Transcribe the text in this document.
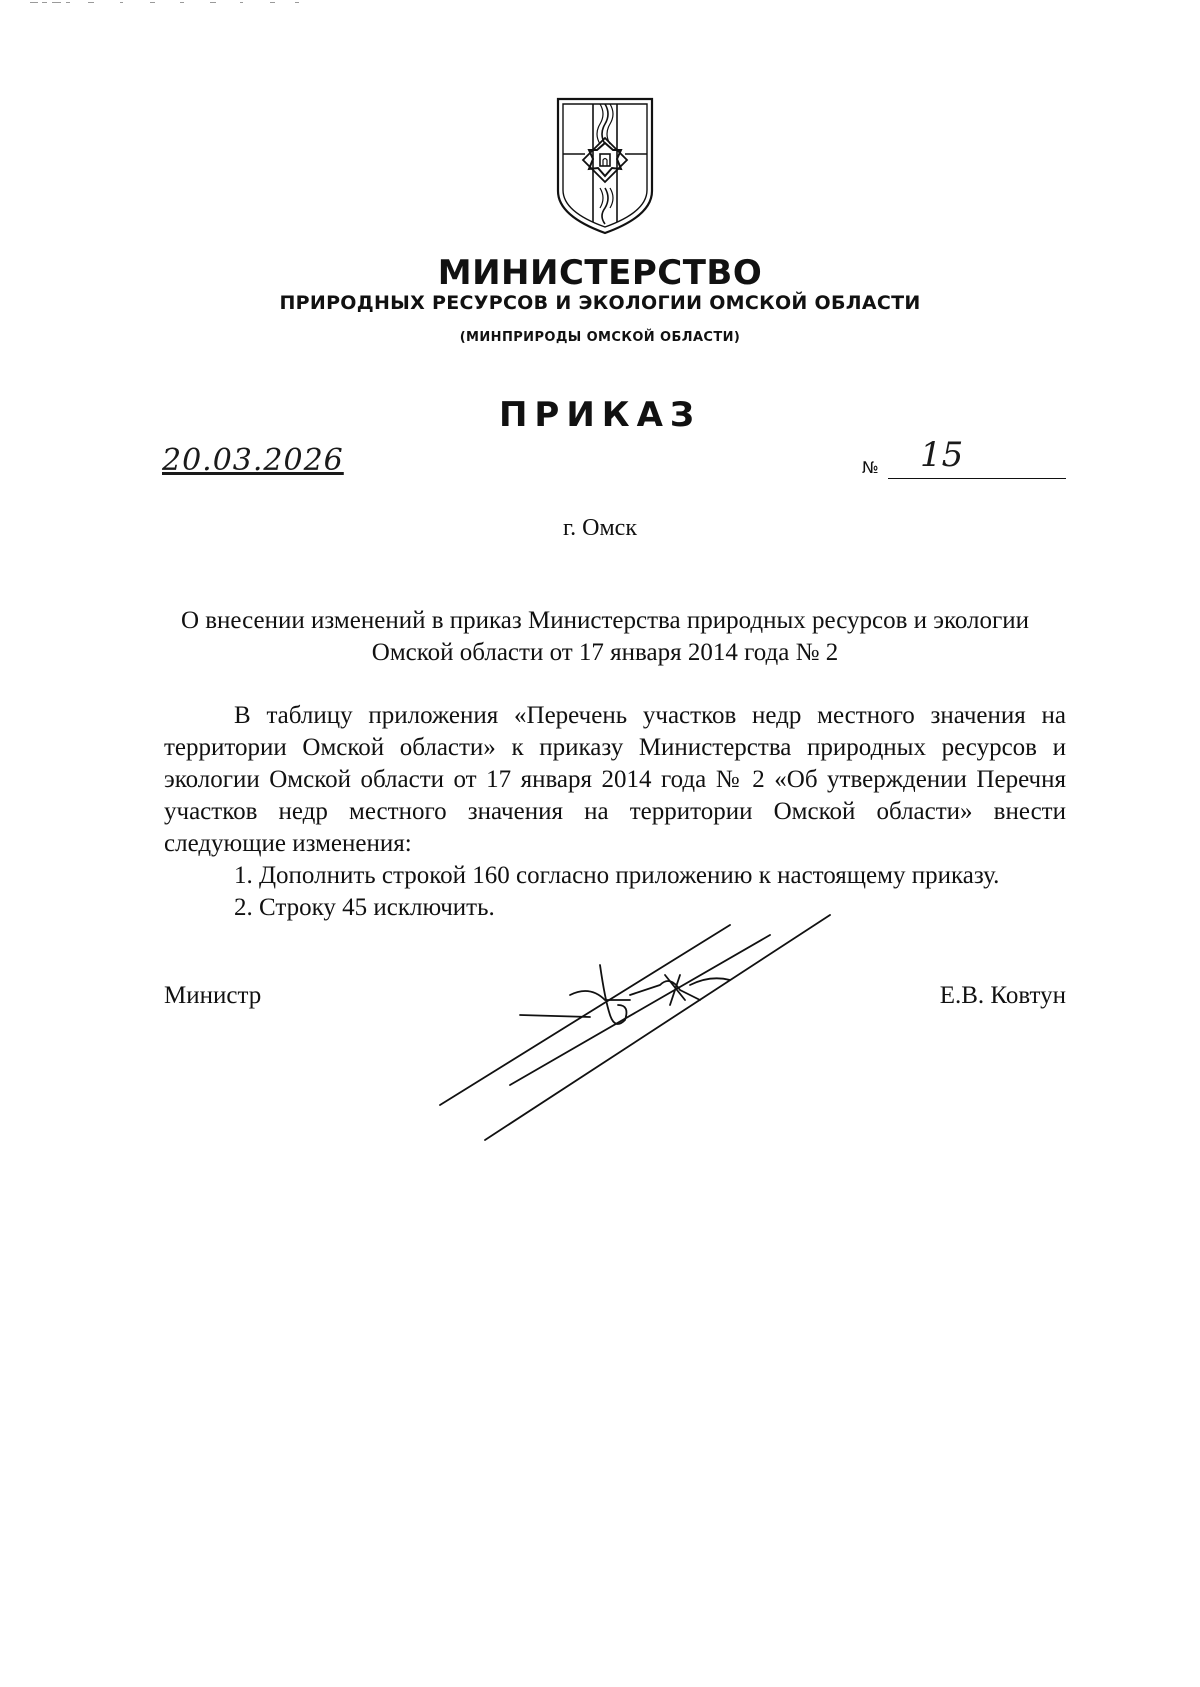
МИНИСТЕРСТВО
ПРИРОДНЫХ РЕСУРСОВ И ЭКОЛОГИИ ОМСКОЙ ОБЛАСТИ
(МИНПРИРОДЫ ОМСКОЙ ОБЛАСТИ)
ПРИКАЗ
20.03.2026	№ 15
г. Омск
О внесении изменений в приказ Министерства природных ресурсов и экологии Омской области от 17 января 2014 года № 2
В таблицу приложения «Перечень участков недр местного значения на территории Омской области» к приказу Министерства природных ресурсов и экологии Омской области от 17 января 2014 года № 2 «Об утверждении Перечня участков недр местного значения на территории Омской области» внести следующие изменения:
1. Дополнить строкой 160 согласно приложению к настоящему приказу.
2. Строку 45 исключить.
Министр	Е.В. Ковтун
